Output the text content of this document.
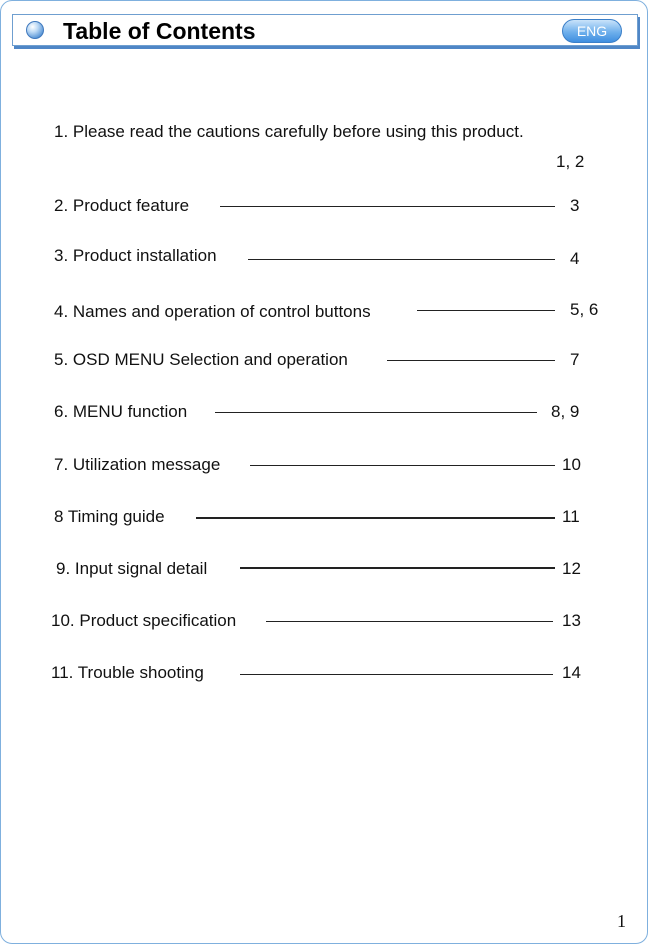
Table of Contents	ENG
1. Please read the cautions carefully before using this product.
1, 2
2. Product feature	3
3. Product installation	4
4. Names and operation of control buttons	5, 6
5. OSD MENU Selection and operation	7
6. MENU function	8, 9
7. Utilization message	10
8 Timing guide	11
9. Input signal detail	12
10. Product specification	13
11. Trouble shooting	14
1
